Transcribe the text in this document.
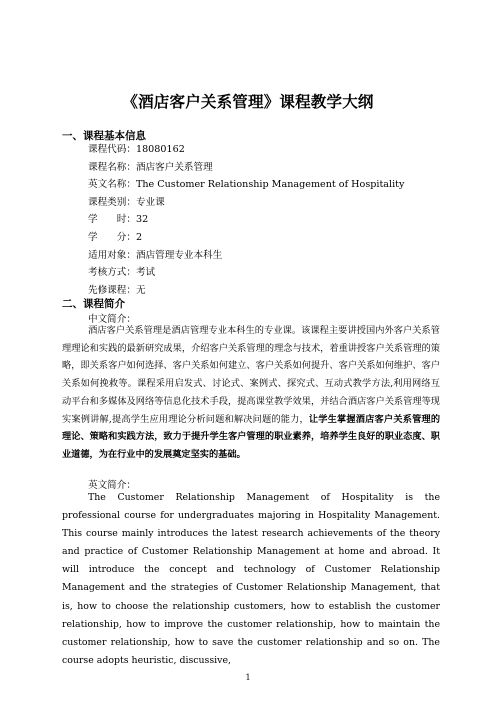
《酒店客户关系管理》课程教学大纲
一、课程基本信息
课程代码：18080162
课程名称：酒店客户关系管理
英文名称：The Customer Relationship Management of Hospitality
课程类别：专业课
学　　时：32
学　　分：2
适用对象：酒店管理专业本科生
考核方式：考试
先修课程：无
二、课程简介
中文简介：
酒店客户关系管理是酒店管理专业本科生的专业课。该课程主要讲授国内外客户关系管理理论和实践的最新研究成果，介绍客户关系管理的理念与技术，着重讲授客户关系管理的策略，即关系客户如何选择、客户关系如何建立、客户关系如何提升、客户关系如何维护、客户关系如何挽救等。课程采用启发式、讨论式、案例式、探究式、互动式教学方法,利用网络互动平台和多媒体及网络等信息化技术手段，提高课堂教学效果，并结合酒店客户关系管理等现实案例讲解,提高学生应用理论分析问题和解决问题的能力，让学生掌握酒店客户关系管理的理论、策略和实践方法，致力于提升学生客户管理的职业素养，培养学生良好的职业态度、职业道德，为在行业中的发展奠定坚实的基础。
英文简介：
The Customer Relationship Management of Hospitality is the professional course for undergraduates majoring in Hospitality Management. This course mainly introduces the latest research achievements of the theory and practice of Customer Relationship Management at home and abroad. It will introduce the concept and technology of Customer Relationship Management and the strategies of Customer Relationship Management, that is, how to choose the relationship customers, how to establish the customer relationship, how to improve the customer relationship, how to maintain the customer relationship, how to save the customer relationship and so on. The course adopts heuristic, discussive,
1
